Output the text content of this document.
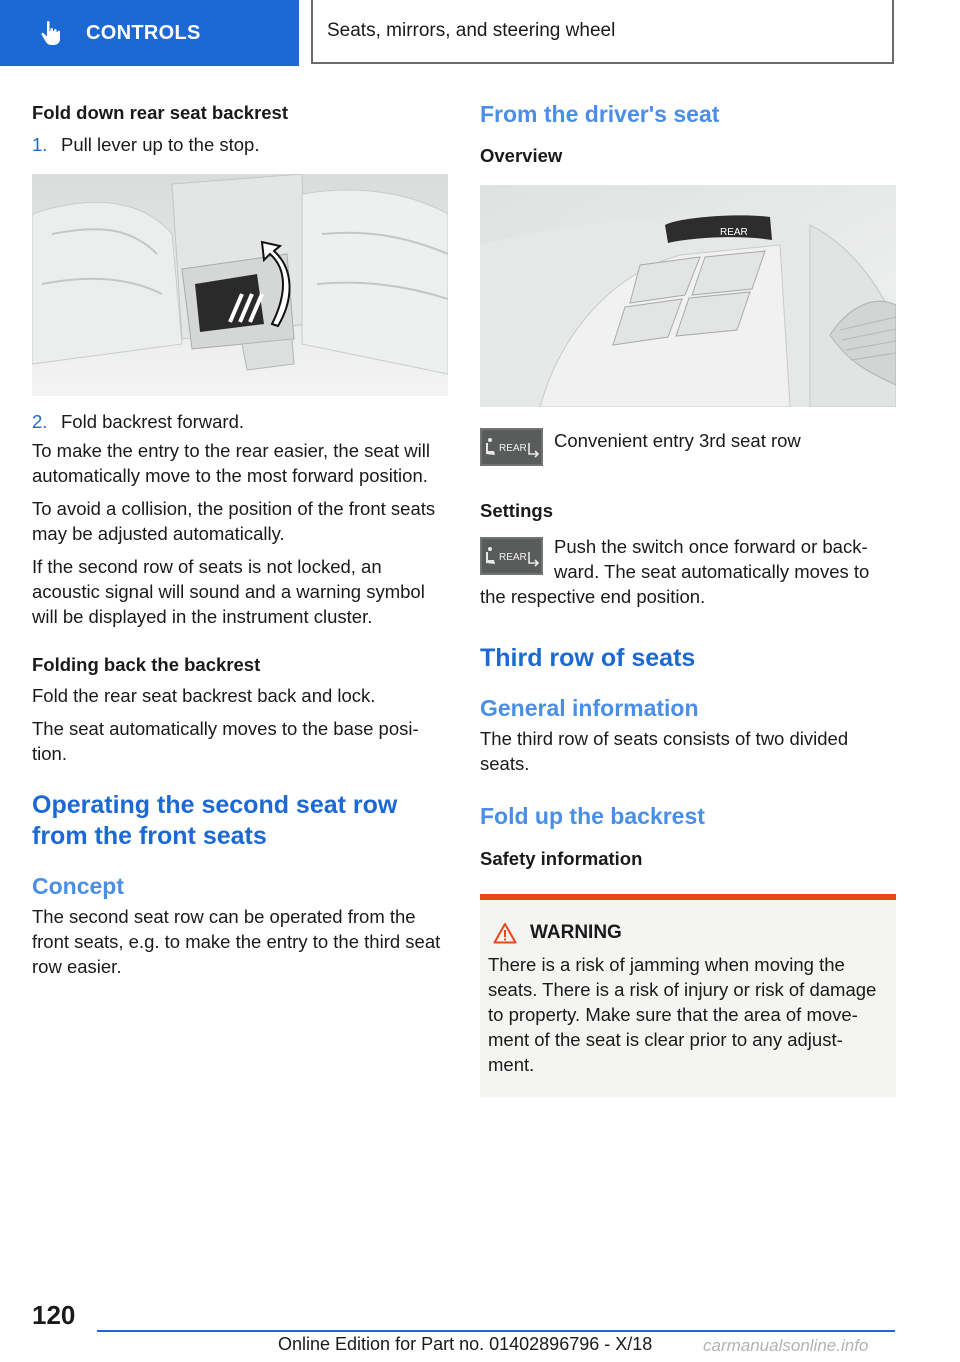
CONTROLS	Seats, mirrors, and steering wheel
Fold down rear seat backrest
1. Pull lever up to the stop.
2. Fold backrest forward.

To make the entry to the rear easier, the seat will automatically move to the most forward position.

To avoid a collision, the position of the front seats may be adjusted automatically.

If the second row of seats is not locked, an acoustic signal will sound and a warning symbol will be displayed in the instrument cluster.

Folding back the backrest

Fold the rear seat backrest back and lock.

The seat automatically moves to the base posi-tion.

Operating the second seat row from the front seats
Concept

The second seat row can be operated from the front seats, e.g. to make the entry to the third seat row easier.

From the driver's seat
Overview
REAR
REAR Convenient entry 3rd seat row

Settings
REAR

Push the switch once forward or back-ward. The seat automatically moves to the respective end position.

Third row of seats
General information

The third row of seats consists of two divided seats.

Fold up the backrest
Safety information
WARNING

There is a risk of jamming when moving the seats. There is a risk of injury or risk of damage to property. Make sure that the area of move-ment of the seat is clear prior to any adjust-ment.

120
Online Edition for Part no. 01402896796 - X/18	carmanualsonline.info
